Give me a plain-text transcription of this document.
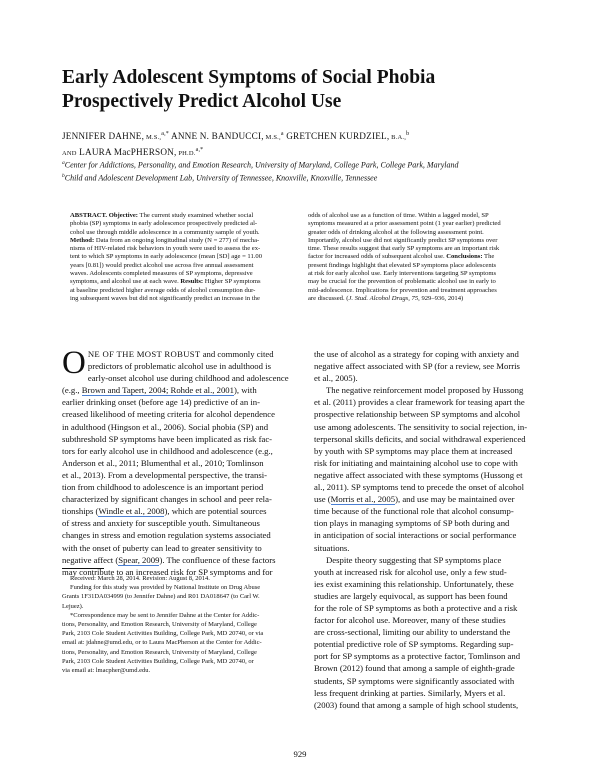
Early Adolescent Symptoms of Social Phobia
Prospectively Predict Alcohol Use
JENNIFER DAHNE, M.S.,$^{a,*}$ ANNE N. BANDUCCI, M.S.,$^a$ GRETCHEN KURDZIEL, B.A.,$^b$
AND LAURA MacPHERSON, PH.D.$^{a,*}$
$^a$Center for Addictions, Personality, and Emotion Research, University of Maryland, College Park, College Park, Maryland
$^b$Child and Adolescent Development Lab, University of Tennessee, Knoxville, Knoxville, Tennessee

ABSTRACT. Objective: The current study examined whether social
phobia (SP) symptoms in early adolescence prospectively predicted al-
cohol use through middle adolescence in a community sample of youth.
Method: Data from an ongoing longitudinal study (N = 277) of mecha-
nisms of HIV-related risk behaviors in youth were used to assess the ex-
tent to which SP symptoms in early adolescence (mean [SD] age = 11.00
years [0.81]) would predict alcohol use across five annual assessment
waves. Adolescents completed measures of SP symptoms, depressive
symptoms, and alcohol use at each wave. Results: Higher SP symptoms
at baseline predicted higher average odds of alcohol consumption dur-
ing subsequent waves but did not significantly predict an increase in the

odds of alcohol use as a function of time. Within a lagged model, SP
symptoms measured at a prior assessment point (1 year earlier) predicted
greater odds of drinking alcohol at the following assessment point.
Importantly, alcohol use did not significantly predict SP symptoms over
time. These results suggest that early SP symptoms are an important risk
factor for increased odds of subsequent alcohol use. Conclusions: The
present findings highlight that elevated SP symptoms place adolescents
at risk for early alcohol use. Early interventions targeting SP symptoms
may be crucial for the prevention of problematic alcohol use in early to
mid-adolescence. Implications for prevention and treatment approaches
are discussed. (J. Stud. Alcohol Drugs, 75, 929–936, 2014)

O NE OF THE MOST ROBUST and commonly cited
predictors of problematic alcohol use in adulthood is
early-onset alcohol use during childhood and adolescence
(e.g., Brown and Tapert, 2004; Rohde et al., 2001), with
earlier drinking onset (before age 14) predictive of an in-
creased likelihood of meeting criteria for alcohol dependence
in adulthood (Hingson et al., 2006). Social phobia (SP) and
subthreshold SP symptoms have been implicated as risk fac-
tors for early alcohol use in childhood and adolescence (e.g.,
Anderson et al., 2011; Blumenthal et al., 2010; Tomlinson
et al., 2013). From a developmental perspective, the transi-
tion from childhood to adolescence is an important period
characterized by significant changes in school and peer rela-
tionships (Windle et al., 2008), which are potential sources
of stress and anxiety for susceptible youth. Simultaneous
changes in stress and emotion regulation systems associated
with the onset of puberty can lead to greater sensitivity to
negative affect (Spear, 2009). The confluence of these factors
may contribute to an increased risk for SP symptoms and for
the use of alcohol as a strategy for coping with anxiety and
negative affect associated with SP (for a review, see Morris
et al., 2005).
The negative reinforcement model proposed by Hussong
et al. (2011) provides a clear framework for teasing apart the
prospective relationship between SP symptoms and alcohol
use among adolescents. The sensitivity to social rejection, in-
terpersonal skills deficits, and social withdrawal experienced
by youth with SP symptoms may place them at increased
risk for initiating and maintaining alcohol use to cope with
negative affect associated with these symptoms (Hussong et
al., 2011). SP symptoms tend to precede the onset of alcohol
use (Morris et al., 2005), and use may be maintained over
time because of the functional role that alcohol consump-
tion plays in managing symptoms of SP both during and
in anticipation of social interactions or social performance
situations.
Despite theory suggesting that SP symptoms place
youth at increased risk for alcohol use, only a few stud-
ies exist examining this relationship. Unfortunately, these
studies are largely equivocal, as support has been found
for the role of SP symptoms as both a protective and a risk
factor for alcohol use. Moreover, many of these studies
are cross-sectional, limiting our ability to understand the
potential predictive role of SP symptoms. Regarding sup-
port for SP symptoms as a protective factor, Tomlinson and
Brown (2012) found that among a sample of eighth-grade
students, SP symptoms were significantly associated with
less frequent drinking at parties. Similarly, Myers et al.
(2003) found that among a sample of high school students,
Received: March 28, 2014. Revision: August 8, 2014.
Funding for this study was provided by National Institute on Drug Abuse
Grants 1F31DA034999 (to Jennifer Dahne) and R01 DA018647 (to Carl W.
Lejuez).
*Correspondence may be sent to Jennifer Dahne at the Center for Addic-
tions, Personality, and Emotion Research, University of Maryland, College
Park, 2103 Cole Student Activities Building, College Park, MD 20740, or via
email at: jdahne@umd.edu, or to Laura MacPherson at the Center for Addic-
tions, Personality, and Emotion Research, University of Maryland, College
Park, 2103 Cole Student Activities Building, College Park, MD 20740, or
via email at: lmacpher@umd.edu.
929
